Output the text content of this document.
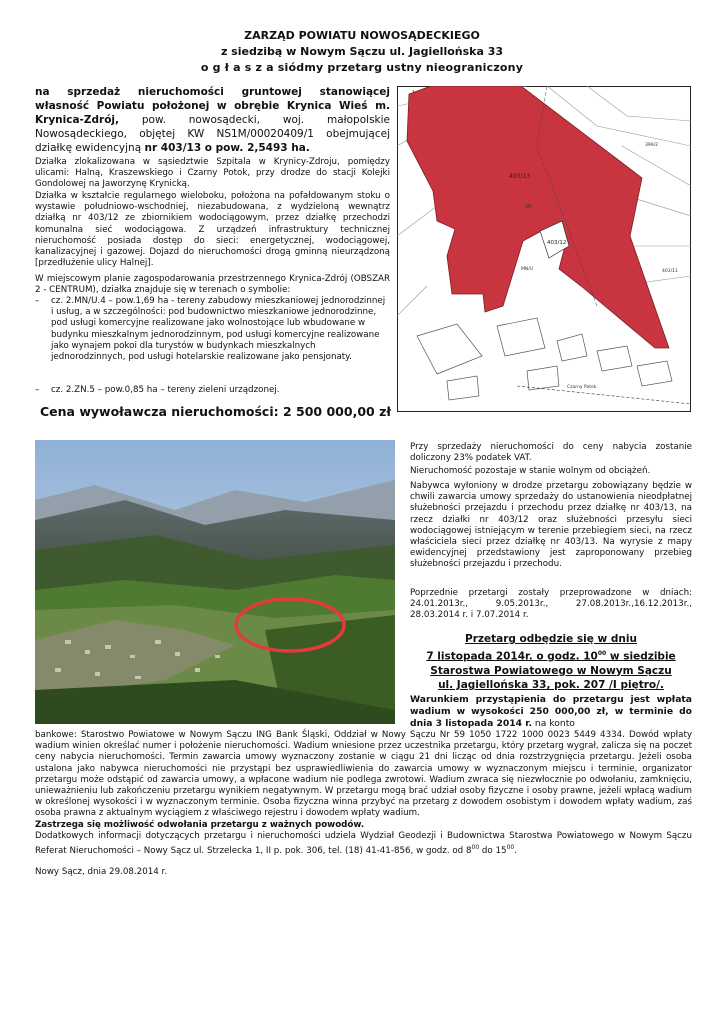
ZARZĄD POWIATU NOWOSĄDECKIEGO
z siedzibą w Nowym Sączu ul. Jagiellońska 33
o g ł a s z a siódmy przetarg ustny nieograniczony
na sprzedaż nieruchomości gruntowej stanowiącej własność Powiatu położonej w obrębie Krynica Wieś m. Krynica-Zdrój, pow. nowosądecki, woj. małopolskie Nowosądeckiego, objętej KW NS1M/00020409/1 obejmującej działkę ewidencyjną nr 403/13 o pow. 2,5493 ha.
Działka zlokalizowana w sąsiedztwie Szpitala w Krynicy-Zdroju, pomiędzy ulicami: Halną, Kraszewskiego i Czarny Potok, przy drodze do stacji Kolejki Gondolowej na Jaworzynę Krynicką.
Działka w kształcie regularnego wieloboku, położona na pofałdowanym stoku o wystawie południowo-wschodniej, niezabudowana, z wydzieloną wewnątrz działką nr 403/12 ze zbiornikiem wodociągowym, przez działkę przechodzi komunalna sieć wodociągowa. Z urządzeń infrastruktury technicznej nieruchomość posiada dostęp do sieci: energetycznej, wodociągowej, kanalizacyjnej i gazowej. Dojazd do nieruchomości drogą gminną nieurządzoną [przedłużenie ulicy Halnej].
W miejscowym planie zagospodarowania przestrzennego Krynica-Zdrój (OBSZAR 2 - CENTRUM), działka znajduje się w terenach o symbolie:
– cz. 2.MN/U.4 – pow.1,69 ha - tereny zabudowy mieszkaniowej jednorodzinnej i usług, a w szczególności: pod budownictwo mieszkaniowe jednorodzinne, pod usługi komercyjne realizowane jako wolnostojące lub wbudowane w budynku mieszkalnym jednorodzinnym, pod usługi komercyjne realizowane jako wynajem pokoi dla turystów w budynkach mieszkalnych jednorodzinnych, pod usługi hotelarskie realizowane jako pensjonaty.
– cz. 2.ZN.5 – pow.0,85 ha – tereny zieleni urządzonej.
Cena wywoławcza nieruchomości: 2 500 000,00 zł
403/13
403/12
403/11
399/2
ZN
MN/U
Czarny Potok
Przy sprzedaży nieruchomości do ceny nabycia zostanie doliczony 23% podatek VAT.
Nieruchomość pozostaje w stanie wolnym od obciążeń.
Nabywca wyłoniony w drodze przetargu zobowiązany będzie w chwili zawarcia umowy sprzedaży do ustanowienia nieodpłatnej służebności przejazdu i przechodu przez działkę nr 403/13, na rzecz działki nr 403/12 oraz służebności przesyłu sieci wodociągowej istniejącym w terenie przebiegiem sieci, na rzecz właściciela sieci przez działkę nr 403/13. Na wyrysie z mapy ewidencyjnej przedstawiony jest zaproponowany przebieg służebności przejazdu i przechodu.
Poprzednie przetargi zostały przeprowadzone w dniach: 24.01.2013r., 9.05.2013r., 27.08.2013r.,16.12.2013r., 28.03.2014 r. i 7.07.2014 r.
Przetarg odbędzie się w dniu
7 listopada 2014r. o godz. $10^{00}$ w siedzibie
Starostwa Powiatowego w Nowym Sączu
ul. Jagiellońska 33, pok. 207 /I piętro/.
Warunkiem przystąpienia do przetargu jest wpłata wadium w wysokości 250 000,00 zł, w terminie do dnia 3 listopada 2014 r. na konto
bankowe: Starostwo Powiatowe w Nowym Sączu ING Bank Śląski, Oddział w Nowy Sączu Nr 59 1050 1722 1000 0023 5449 4334. Dowód wpłaty wadium winien określać numer i położenie nieruchomości. Wadium wniesione przez uczestnika przetargu, który przetarg wygrał, zalicza się na poczet ceny nabycia nieruchomości. Termin zawarcia umowy wyznaczony zostanie w ciągu 21 dni licząc od dnia rozstrzygnięcia przetargu. Jeżeli osoba ustalona jako nabywca nieruchomości nie przystąpi bez usprawiedliwienia do zawarcia umowy w wyznaczonym miejscu i terminie, organizator przetargu może odstąpić od zawarcia umowy, a wpłacone wadium nie podlega zwrotowi. Wadium zwraca się niezwłocznie po odwołaniu, zamknięciu, unieważnieniu lub zakończeniu przetargu wynikiem negatywnym. W przetargu mogą brać udział osoby fizyczne i osoby prawne, jeżeli wpłacą wadium w określonej wysokości i w wyznaczonym terminie. Osoba fizyczna winna przybyć na przetarg z dowodem osobistym i dowodem wpłaty wadium, zaś osoba prawna z aktualnym wyciągiem z właściwego rejestru i dowodem wpłaty wadium.
Zastrzega się możliwość odwołania przetargu z ważnych powodów.
Dodatkowych informacji dotyczących przetargu i nieruchomości udziela Wydział Geodezji i Budownictwa Starostwa Powiatowego w Nowym Sączu Referat Nieruchomości – Nowy Sącz ul. Strzelecka 1, II p. pok. 306, tel. (18) 41-41-856, w godz. od $8^{00}$ do $15^{00}$.
Nowy Sącz, dnia 29.08.2014 r.
